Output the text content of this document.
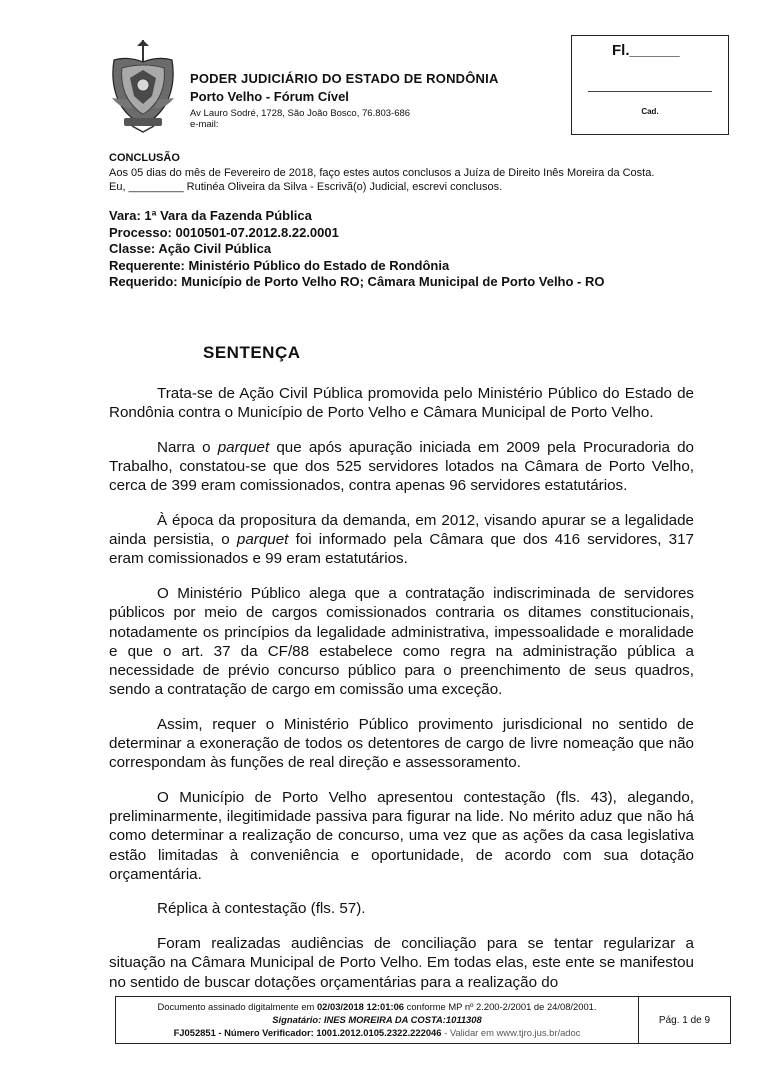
PODER JUDICIÁRIO DO ESTADO DE RONDÔNIA
Porto Velho - Fórum Cível
Av Lauro Sodré, 1728, São João Bosco, 76.803-686
e-mail:
Fl.______
Cad.
CONCLUSÃO
Aos 05 dias do mês de Fevereiro de 2018, faço estes autos conclusos a Juíza de Direito Inês Moreira da Costa.
Eu, _________ Rutinéa Oliveira da Silva - Escrivã(o) Judicial, escrevi conclusos.
Vara: 1ª Vara da Fazenda Pública
Processo: 0010501-07.2012.8.22.0001
Classe: Ação Civil Pública
Requerente: Ministério Público do Estado de Rondônia
Requerido: Município de Porto Velho RO; Câmara Municipal de Porto Velho - RO
SENTENÇA

Trata-se de Ação Civil Pública promovida pelo Ministério Público do Estado de Rondônia contra o Município de Porto Velho e Câmara Municipal de Porto Velho.

Narra o parquet que após apuração iniciada em 2009 pela Procuradoria do Trabalho, constatou-se que dos 525 servidores lotados na Câmara de Porto Velho, cerca de 399 eram comissionados, contra apenas 96 servidores estatutários.

À época da propositura da demanda, em 2012, visando apurar se a legalidade ainda persistia, o parquet foi informado pela Câmara que dos 416 servidores, 317 eram comissionados e 99 eram estatutários.

O Ministério Público alega que a contratação indiscriminada de servidores públicos por meio de cargos comissionados contraria os ditames constitucionais, notadamente os princípios da legalidade administrativa, impessoalidade e moralidade e que o art. 37 da CF/88 estabelece como regra na administração pública a necessidade de prévio concurso público para o preenchimento de seus quadros, sendo a contratação de cargo em comissão uma exceção.

Assim, requer o Ministério Público provimento jurisdicional no sentido de determinar a exoneração de todos os detentores de cargo de livre nomeação que não correspondam às funções de real direção e assessoramento.

O Município de Porto Velho apresentou contestação (fls. 43), alegando, preliminarmente, ilegitimidade passiva para figurar na lide. No mérito aduz que não há como determinar a realização de concurso, uma vez que as ações da casa legislativa estão limitadas à conveniência e oportunidade, de acordo com sua dotação orçamentária.

Réplica à contestação (fls. 57).

Foram realizadas audiências de conciliação para se tentar regularizar a situação na Câmara Municipal de Porto Velho. Em todas elas, este ente se manifestou no sentido de buscar dotações orçamentárias para a realização do

Documento assinado digitalmente em 02/03/2018 12:01:06 conforme MP nº 2.200-2/2001 de 24/08/2001.
Signatário: INES MOREIRA DA COSTA:1011308
FJ052851 - Número Verificador: 1001.2012.0105.2322.222046 - Validar em www.tjro.jus.br/adoc
Pág. 1 de 9
